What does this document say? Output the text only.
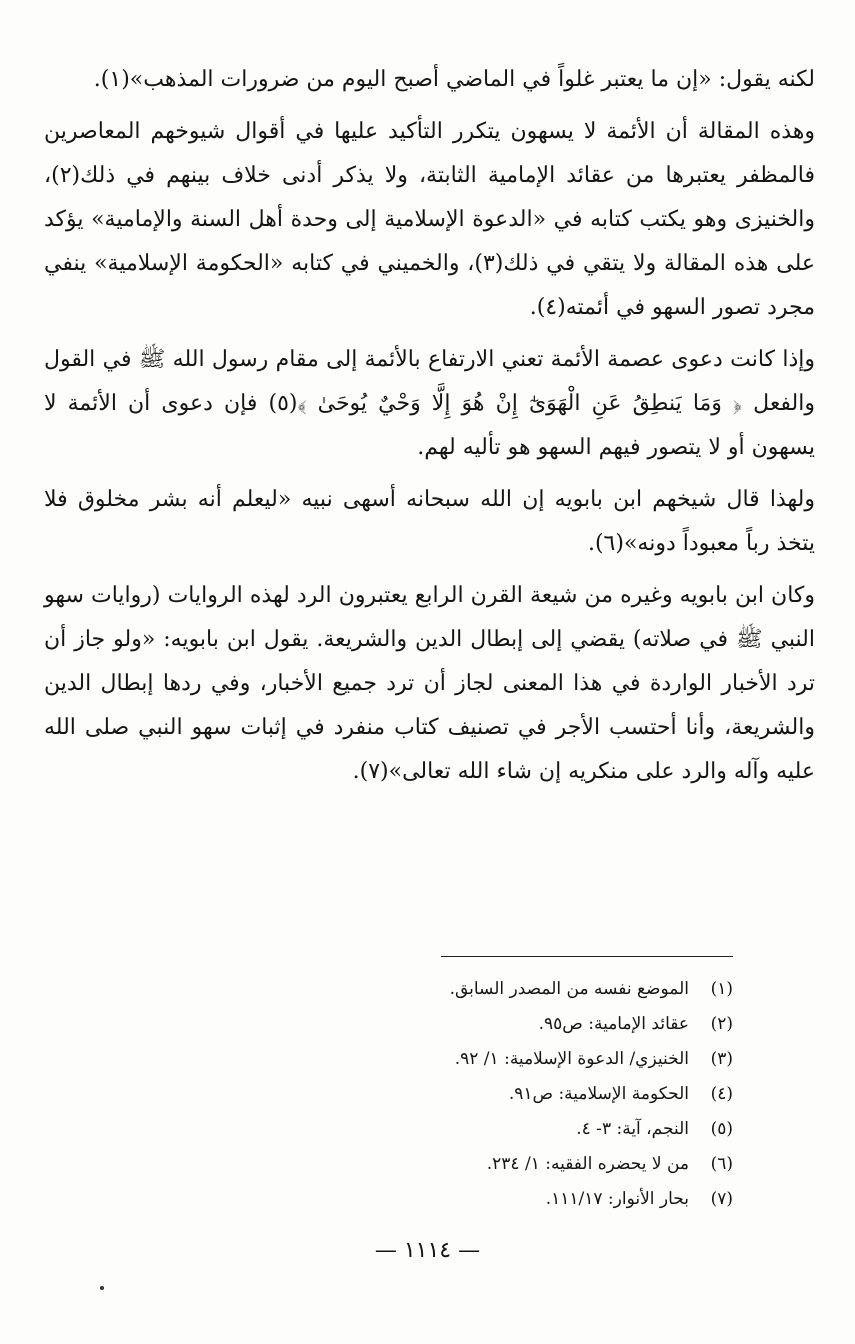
لكنه يقول: «إن ما يعتبر غلواً في الماضي أصبح اليوم من ضرورات المذهب»(١).

وهذه المقالة أن الأئمة لا يسهون يتكرر التأكيد عليها في أقوال شيوخهم المعاصرين فالمظفر يعتبرها من عقائد الإمامية الثابتة، ولا يذكر أدنى خلاف بينهم في ذلك(٢)، والخنيزى وهو يكتب كتابه في «الدعوة الإسلامية إلى وحدة أهل السنة والإمامية» يؤكد على هذه المقالة ولا يتقي في ذلك(٣)، والخميني في كتابه «الحكومة الإسلامية» ينفي مجرد تصور السهو في أئمته(٤).

وإذا كانت دعوى عصمة الأئمة تعني الارتفاع بالأئمة إلى مقام رسول الله ﷺ في القول والفعل ﴿ وَمَا يَنطِقُ عَنِ الْهَوَىٰٓ إِنْ هُوَ إِلَّا وَحْيٌ يُوحَىٰ ﴾(٥) فإن دعوى أن الأئمة لا يسهون أو لا يتصور فيهم السهو هو تأليه لهم.

ولهذا قال شيخهم ابن بابويه إن الله سبحانه أسهى نبيه «ليعلم أنه بشر مخلوق فلا يتخذ رباً معبوداً دونه»(٦).

وكان ابن بابويه وغيره من شيعة القرن الرابع يعتبرون الرد لهذه الروايات (روايات سهو النبي ﷺ في صلاته) يقضي إلى إبطال الدين والشريعة. يقول ابن بابويه: «ولو جاز أن ترد الأخبار الواردة في هذا المعنى لجاز أن ترد جميع الأخبار، وفي ردها إبطال الدين والشريعة، وأنا أحتسب الأجر في تصنيف كتاب منفرد في إثبات سهو النبي صلى الله عليه وآله والرد على منكريه إن شاء الله تعالى»(٧).

(١)
الموضع نفسه من المصدر السابق.
(٢)
عقائد الإمامية: ص٩٥.
(٣)
الخنيزي/ الدعوة الإسلامية: ١/ ٩٢.
(٤)
الحكومة الإسلامية: ص٩١.
(٥)
النجم، آية: ٣- ٤.
(٦)
من لا يحضره الفقيه: ١/ ٢٣٤.
(٧)
بحار الأنوار: ١١١/١٧.
— ١١١٤ —
